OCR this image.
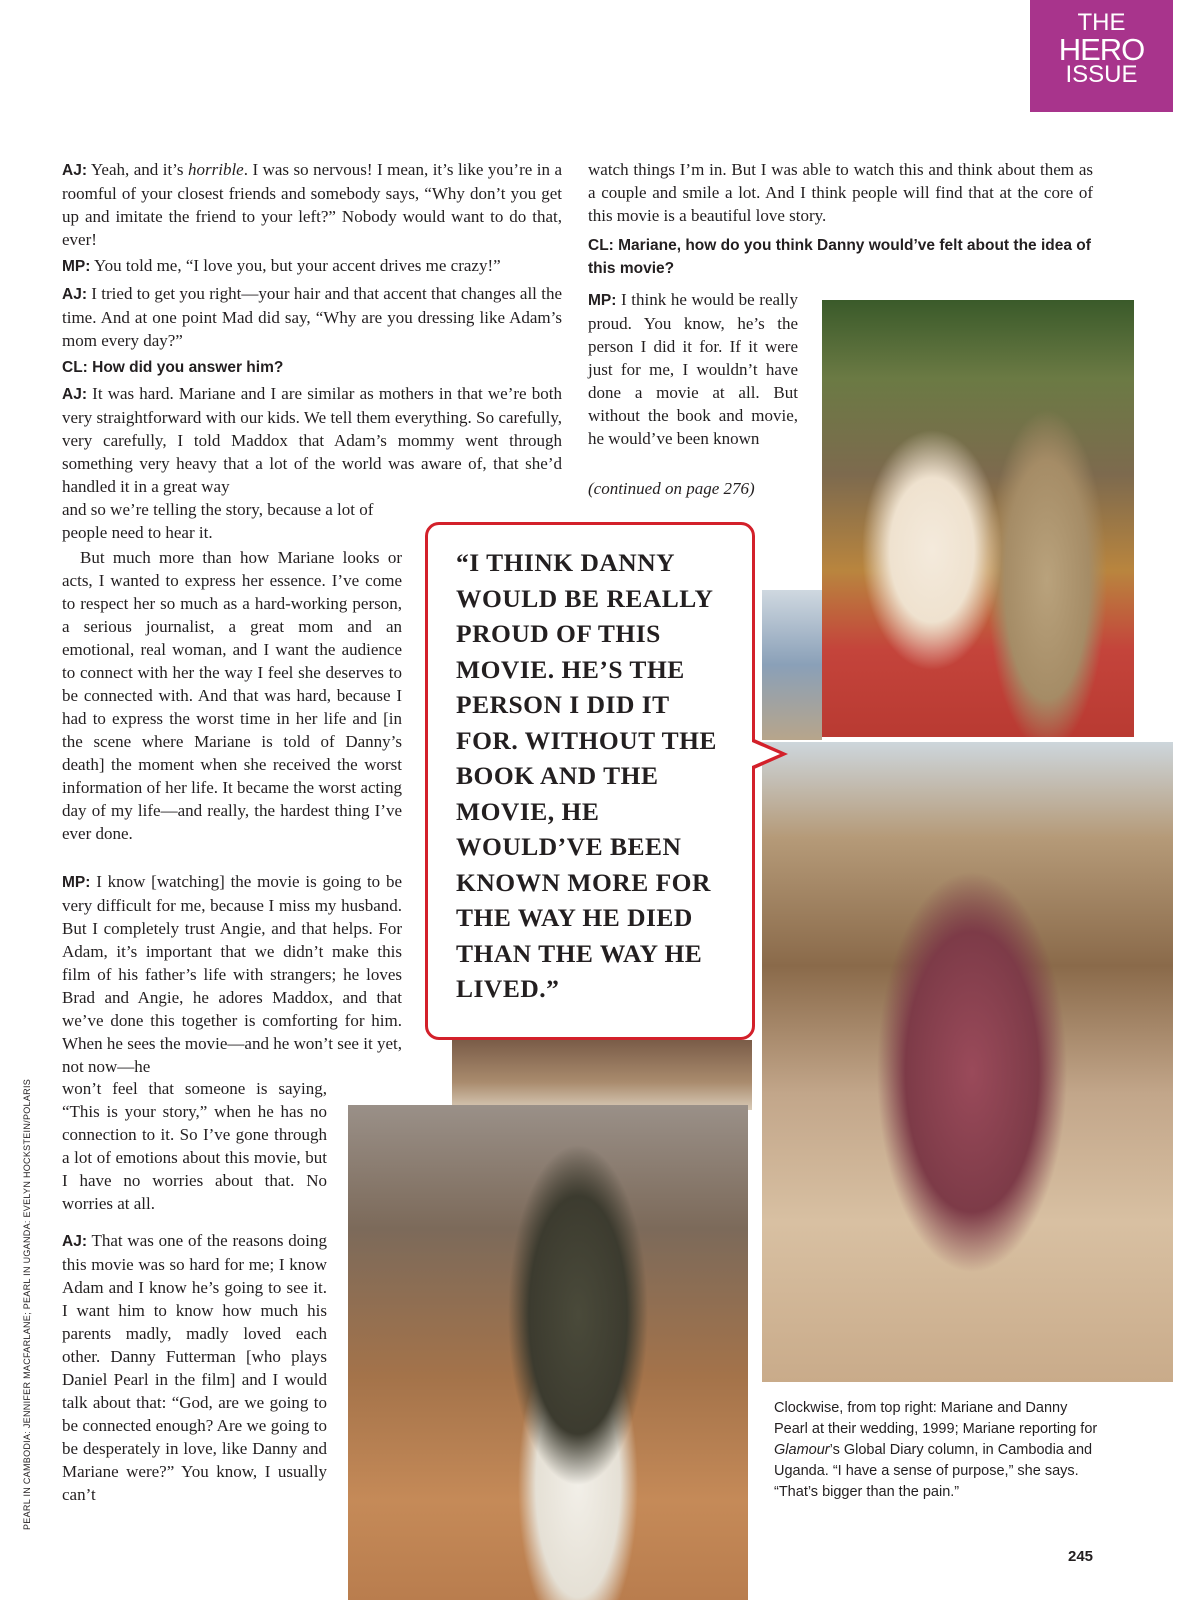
THE
HERO
ISSUE

AJ: Yeah, and it’s horrible. I was so nervous! I mean, it’s like you’re in a roomful of your closest friends and somebody says, “Why don’t you get up and imitate the friend to your left?” Nobody would want to do that, ever!

MP: You told me, “I love you, but your accent drives me crazy!”

AJ: I tried to get you right—your hair and that accent that changes all the time. And at one point Mad did say, “Why are you dressing like Adam’s mom every day?”

CL: How did you answer him?

AJ: It was hard. Mariane and I are similar as mothers in that we’re both very straightforward with our kids. We tell them everything. So carefully, very carefully, I told Maddox that Adam’s mommy went through something very heavy that a lot of the world was aware of, that she’d handled it in a great way

and so we’re telling the story, because a lot of people need to hear it.

But much more than how Mariane looks or acts, I wanted to express her essence. I’ve come to respect her so much as a hard-working person, a serious journalist, a great mom and an emotional, real woman, and I want the audience to connect with her the way I feel she deserves to be connected with. And that was hard, because I had to express the worst time in her life and [in the scene where Mariane is told of Danny’s death] the moment when she received the worst information of her life. It became the worst acting day of my life—and really, the hardest thing I’ve ever done.

MP: I know [watching] the movie is going to be very difficult for me, because I miss my husband. But I completely trust Angie, and that helps. For Adam, it’s important that we didn’t make this film of his father’s life with strangers; he loves Brad and Angie, he adores Maddox, and that we’ve done this together is comforting for him. When he sees the movie—and he won’t see it yet, not now—he

won’t feel that someone is saying, “This is your story,” when he has no connection to it. So I’ve gone through a lot of emotions about this movie, but I have no worries about that. No worries at all.

AJ: That was one of the reasons doing this movie was so hard for me; I know Adam and I know he’s going to see it. I want him to know how much his parents madly, madly loved each other. Danny Futterman [who plays Daniel Pearl in the film] and I would talk about that: “God, are we going to be connected enough? Are we going to be desperately in love, like Danny and Mariane were?” You know, I usually can’t

watch things I’m in. But I was able to watch this and think about them as a couple and smile a lot. And I think people will find that at the core of this movie is a beautiful love story.

CL: Mariane, how do you think Danny would’ve felt about the idea of this movie?

MP: I think he would be really proud. You know, he’s the person I did it for. If it were just for me, I wouldn’t have done a movie at all. But without the book and movie, he would’ve been known

(continued on page 276)

“I THINK DANNY WOULD BE REALLY PROUD OF THIS MOVIE. HE’S THE PERSON I DID IT FOR. WITHOUT THE BOOK AND THE MOVIE, HE WOULD’VE BEEN KNOWN MORE FOR THE WAY HE DIED THAN THE WAY HE LIVED.”
Clockwise, from top right: Mariane and Danny Pearl at their wedding, 1999; Mariane reporting for Glamour’s Global Diary column, in Cambodia and Uganda. “I have a sense of purpose,” she says. “That’s bigger than the pain.”
PEARL IN CAMBODIA: JENNIFER MACFARLANE; PEARL IN UGANDA: EVELYN HOCKSTEIN/POLARIS
245
